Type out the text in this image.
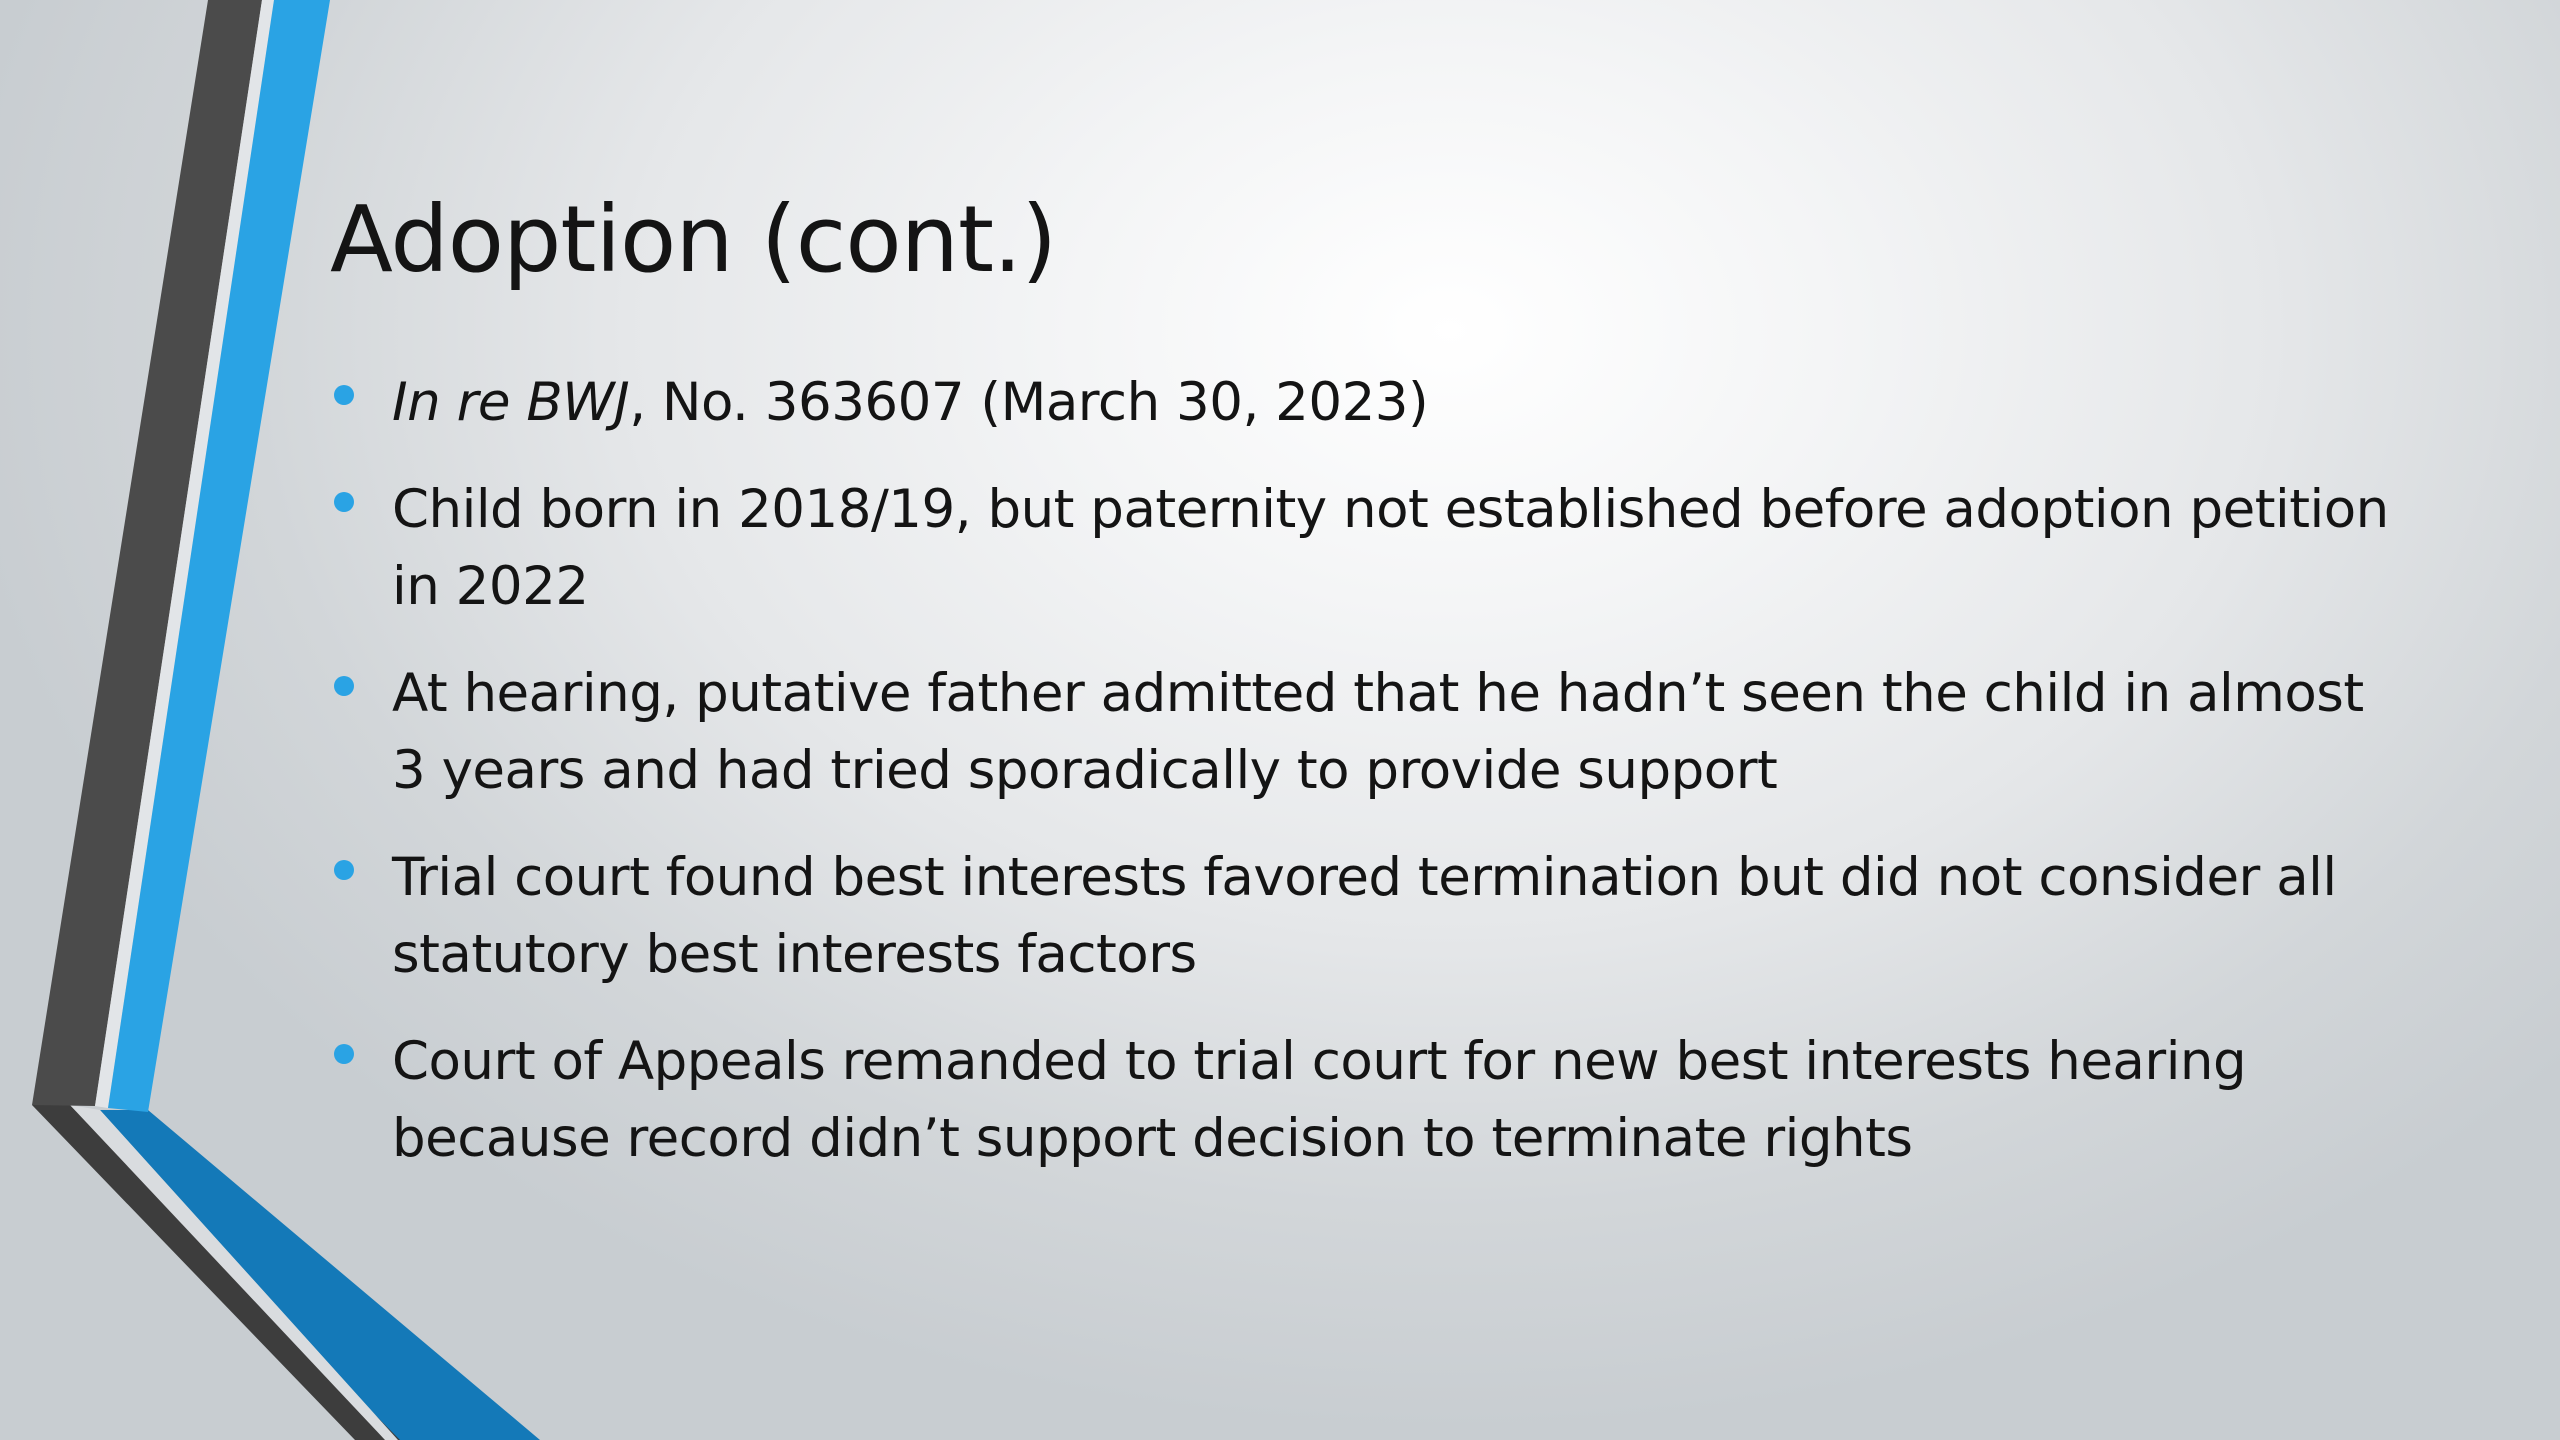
Adoption (cont.)
In re BWJ, No. 363607 (March 30, 2023)
Child born in 2018/19, but paternity not established before adoption petition in 2022
At hearing, putative father admitted that he hadn’t seen the child in almost 3 years and had tried sporadically to provide support
Trial court found best interests favored termination but did not consider all statutory best interests factors
Court of Appeals remanded to trial court for new best interests hearing because record didn’t support decision to terminate rights
